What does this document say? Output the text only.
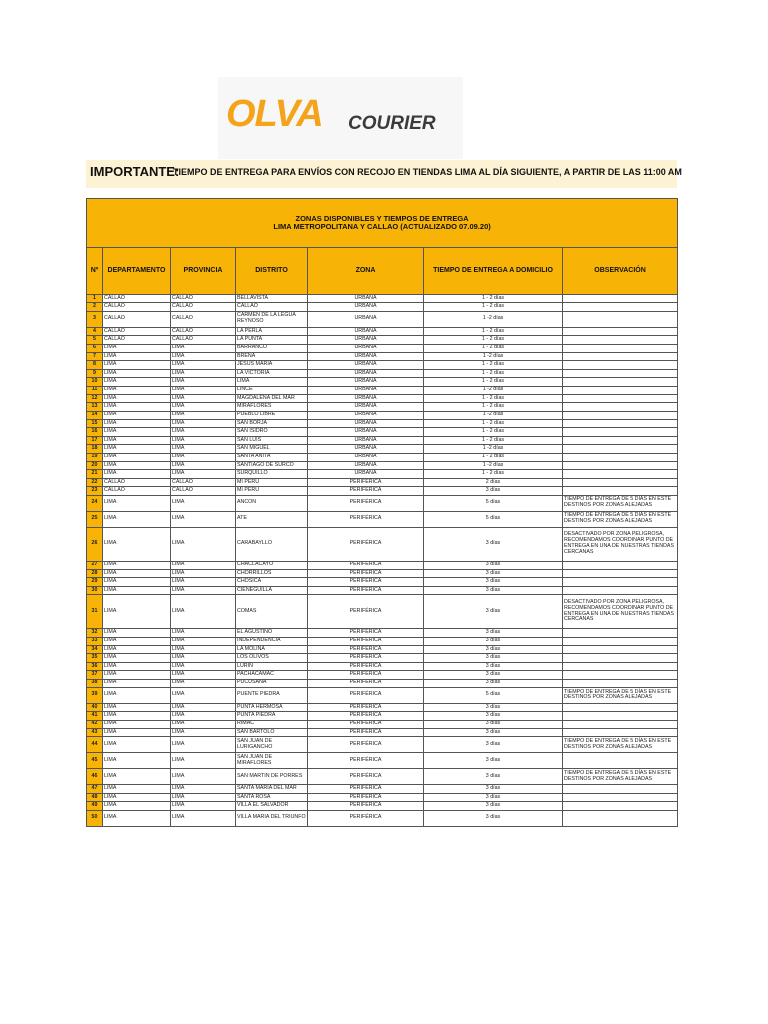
OLVA COURIER
IMPORTANTE:
TIEMPO DE ENTREGA PARA ENVÍOS CON RECOJO EN TIENDAS LIMA AL DÍA SIGUIENTE, A PARTIR DE LAS 11:00 AM
ZONAS DISPONIBLES Y TIEMPOS DE ENTREGA
LIMA METROPOLITANA Y CALLAO (ACTUALIZADO 07.09.20)						

Nº	DEPARTAMENTO	PROVINCIA	DISTRITO	ZONA	TIEMPO DE ENTREGA A DOMICILIO	OBSERVACIÓN
1	CALLAO	CALLAO	BELLAVISTA	URBANA	1 - 2 días	
2	CALLAO	CALLAO	CALLAO	URBANA	1 - 2 días	
3	CALLAO	CALLAO	CARMEN DE LA LEGUA REYNOSO	URBANA	1 -2 días	
4	CALLAO	CALLAO	LA PERLA	URBANA	1 - 2 días	
5	CALLAO	CALLAO	LA PUNTA	URBANA	1 - 2 días	
6	LIMA	LIMA	BARRANCO	URBANA	1 - 2 días	
7	LIMA	LIMA	BREÑA	URBANA	1 -2 días	
8	LIMA	LIMA	JESUS MARIA	URBANA	1 - 2 días	
9	LIMA	LIMA	LA VICTORIA	URBANA	1 - 2 días	
10	LIMA	LIMA	LIMA	URBANA	1 - 2 días	
11	LIMA	LIMA	LINCE	URBANA	1 -2 días	
12	LIMA	LIMA	MAGDALENA DEL MAR	URBANA	1 - 2 días	
13	LIMA	LIMA	MIRAFLORES	URBANA	1 - 2 días	
14	LIMA	LIMA	PUEBLO LIBRE	URBANA	1 -2 días	
15	LIMA	LIMA	SAN BORJA	URBANA	1 - 2 días	
16	LIMA	LIMA	SAN ISIDRO	URBANA	1 - 2 días	
17	LIMA	LIMA	SAN LUIS	URBANA	1 - 2 días	
18	LIMA	LIMA	SAN MIGUEL	URBANA	1 -2 días	
19	LIMA	LIMA	SANTA ANITA	URBANA	1 - 2 días	
20	LIMA	LIMA	SANTIAGO DE SURCO	URBANA	1 -2 días	
21	LIMA	LIMA	SURQUILLO	URBANA	1 - 2 días	
22	CALLAO	CALLAO	MI PERÚ	PERIFÉRICA	2 días	
23	CALLAO	CALLAO	MI PERÚ	PERIFÉRICA	3 días	
24	LIMA	LIMA	ANCON	PERIFÉRICA	5 días	TIEMPO DE ENTREGA DE 5 DÍAS EN ESTE DESTINOS POR ZONAS ALEJADAS
25	LIMA	LIMA	ATE	PERIFÉRICA	5 días	TIEMPO DE ENTREGA DE 5 DÍAS EN ESTE DESTINOS POR ZONAS ALEJADAS
26	LIMA	LIMA	CARABAYLLO	PERIFÉRICA	3 días	DESACTIVADO POR ZONA PELIGROSA, RECOMENDAMOS COORDINAR PUNTO DE ENTREGA EN UNA DE NUESTRAS TIENDAS CERCANAS
27	LIMA	LIMA	CHACLACAYO	PERIFÉRICA	3 días	
28	LIMA	LIMA	CHORRILLOS	PERIFÉRICA	3 días	
29	LIMA	LIMA	CHOSICA	PERIFÉRICA	3 días	
30	LIMA	LIMA	CIENEGUILLA	PERIFÉRICA	3 días	
31	LIMA	LIMA	COMAS	PERIFÉRICA	3 días	DESACTIVADO POR ZONA PELIGROSA, RECOMENDAMOS COORDINAR PUNTO DE ENTREGA EN UNA DE NUESTRAS TIENDAS CERCANAS
32	LIMA	LIMA	EL AGUSTINO	PERIFÉRICA	3 días	
33	LIMA	LIMA	INDEPENDENCIA	PERIFÉRICA	3 días	
34	LIMA	LIMA	LA MOLINA	PERIFÉRICA	3 días	
35	LIMA	LIMA	LOS OLIVOS	PERIFÉRICA	3 días	
36	LIMA	LIMA	LURIN	PERIFÉRICA	3 días	
37	LIMA	LIMA	PACHACAMAC	PERIFÉRICA	3 días	
38	LIMA	LIMA	PUCUSANA	PERIFÉRICA	3 días	
39	LIMA	LIMA	PUENTE PIEDRA	PERIFÉRICA	5 días	TIEMPO DE ENTREGA DE 5 DÍAS EN ESTE DESTINOS POR ZONAS ALEJADAS
40	LIMA	LIMA	PUNTA HERMOSA	PERIFÉRICA	3 días	
41	LIMA	LIMA	PUNTA PIEDRA	PERIFÉRICA	3 días	
42	LIMA	LIMA	RIMAC	PERIFÉRICA	3 días	
43	LIMA	LIMA	SAN BARTOLO	PERIFÉRICA	3 días	
44	LIMA	LIMA	SAN JUAN DE LURIGANCHO	PERIFÉRICA	3 días	TIEMPO DE ENTREGA DE 5 DÍAS EN ESTE DESTINOS POR ZONAS ALEJADAS
45	LIMA	LIMA	SAN JUAN DE MIRAFLORES	PERIFÉRICA	3 días	
46	LIMA	LIMA	SAN MARTIN DE PORRES	PERIFÉRICA	3 días	TIEMPO DE ENTREGA DE 5 DÍAS EN ESTE DESTINOS POR ZONAS ALEJADAS
47	LIMA	LIMA	SANTA MARIA DEL MAR	PERIFÉRICA	3 días	
48	LIMA	LIMA	SANTA ROSA	PERIFÉRICA	3 días	
49	LIMA	LIMA	VILLA EL SALVADOR	PERIFÉRICA	3 días	
50	LIMA	LIMA	VILLA MARIA DEL TRIUNFO	PERIFÉRICA	3 días	
